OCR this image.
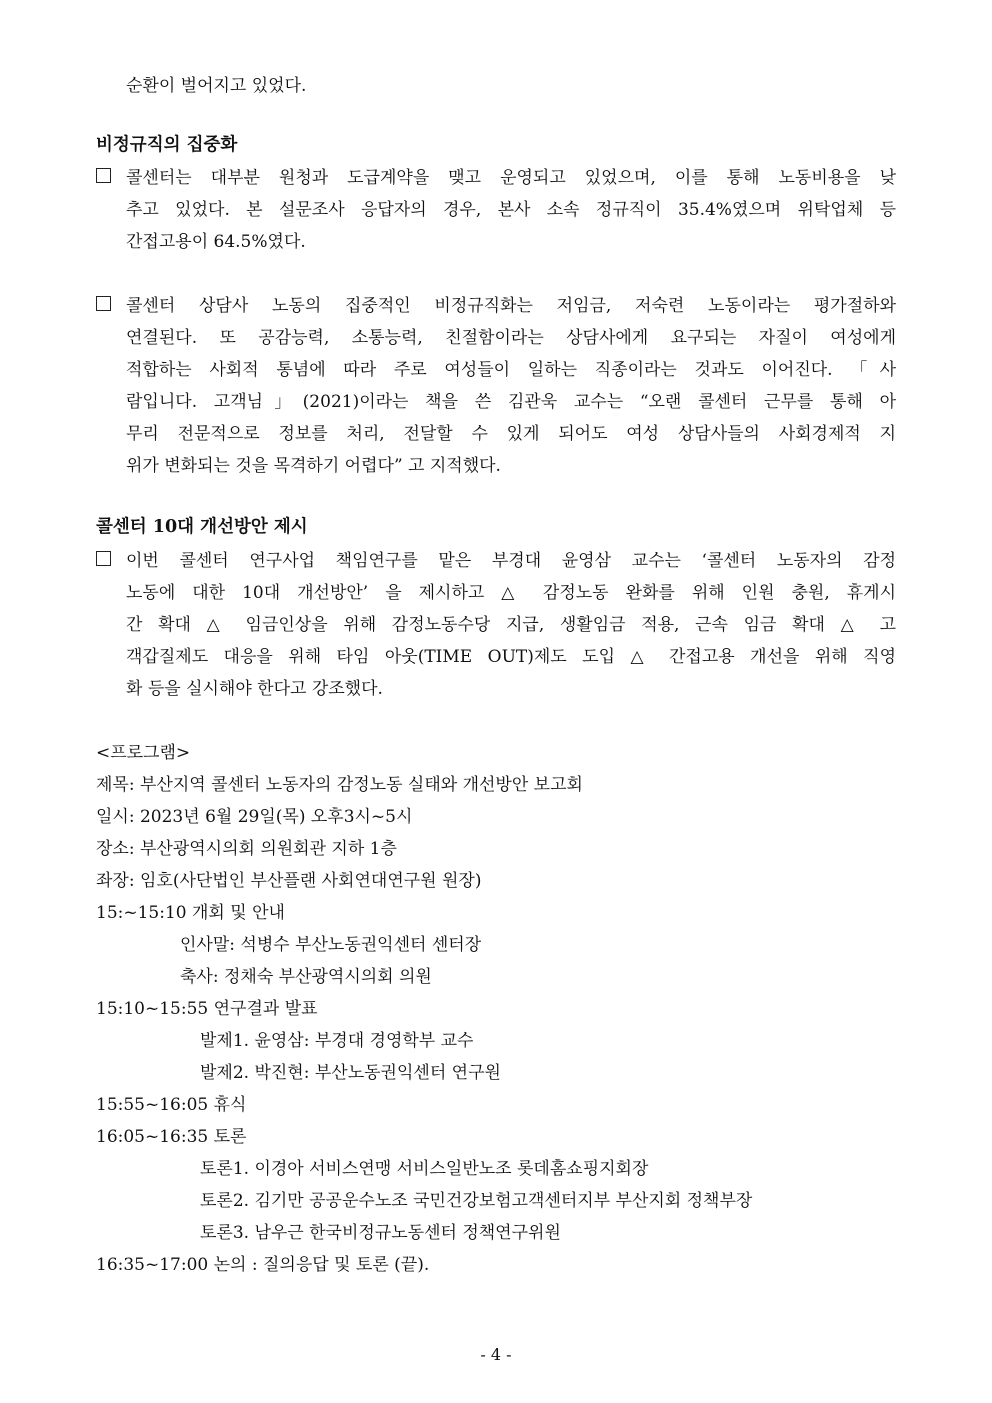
순환이 벌어지고 있었다.
비정규직의 집중화
콜센터는 대부분 원청과 도급계약을 맺고 운영되고 있었으며, 이를 통해 노동비용을 낮
추고 있었다. 본 설문조사 응답자의 경우, 본사 소속 정규직이 35.4%였으며 위탁업체 등
간접고용이 64.5%였다.
콜센터 상담사 노동의 집중적인 비정규직화는 저임금, 저숙련 노동이라는 평가절하와
연결된다. 또 공감능력, 소통능력, 친절함이라는 상담사에게 요구되는 자질이 여성에게
적합하는 사회적 통념에 따라 주로 여성들이 일하는 직종이라는 것과도 이어진다. 「사
람입니다. 고객님」(2021)이라는 책을 쓴 김관욱 교수는 “오랜 콜센터 근무를 통해 아
무리 전문적으로 정보를 처리, 전달할 수 있게 되어도 여성 상담사들의 사회경제적 지
위가 변화되는 것을 목격하기 어렵다” 고 지적했다.
콜센터 10대 개선방안 제시
이번 콜센터 연구사업 책임연구를 맡은 부경대 윤영삼 교수는 ‘콜센터 노동자의 감정
노동에 대한 10대 개선방안’ 을 제시하고 △ 감정노동 완화를 위해 인원 충원, 휴게시
간 확대 △ 임금인상을 위해 감정노동수당 지급, 생활임금 적용, 근속 임금 확대 △ 고
객갑질제도 대응을 위해 타임 아웃(TIME OUT)제도 도입 △ 간접고용 개선을 위해 직영
화 등을 실시해야 한다고 강조했다.
<프로그램>
제목: 부산지역 콜센터 노동자의 감정노동 실태와 개선방안 보고회
일시: 2023년 6월 29일(목) 오후3시~5시
장소: 부산광역시의회 의원회관 지하 1층
좌장: 임호(사단법인 부산플랜 사회연대연구원 원장)
15:~15:10 개회 및 안내
인사말: 석병수 부산노동권익센터 센터장
축사: 정채숙 부산광역시의회 의원
15:10~15:55 연구결과 발표
발제1. 윤영삼: 부경대 경영학부 교수
발제2. 박진현: 부산노동권익센터 연구원
15:55~16:05 휴식
16:05~16:35 토론
토론1. 이경아 서비스연맹 서비스일반노조 롯데홈쇼핑지회장
토론2. 김기만 공공운수노조 국민건강보험고객센터지부 부산지회 정책부장
토론3. 남우근 한국비정규노동센터 정책연구위원
16:35~17:00 논의 : 질의응답 및 토론 (끝).
- 4 -
